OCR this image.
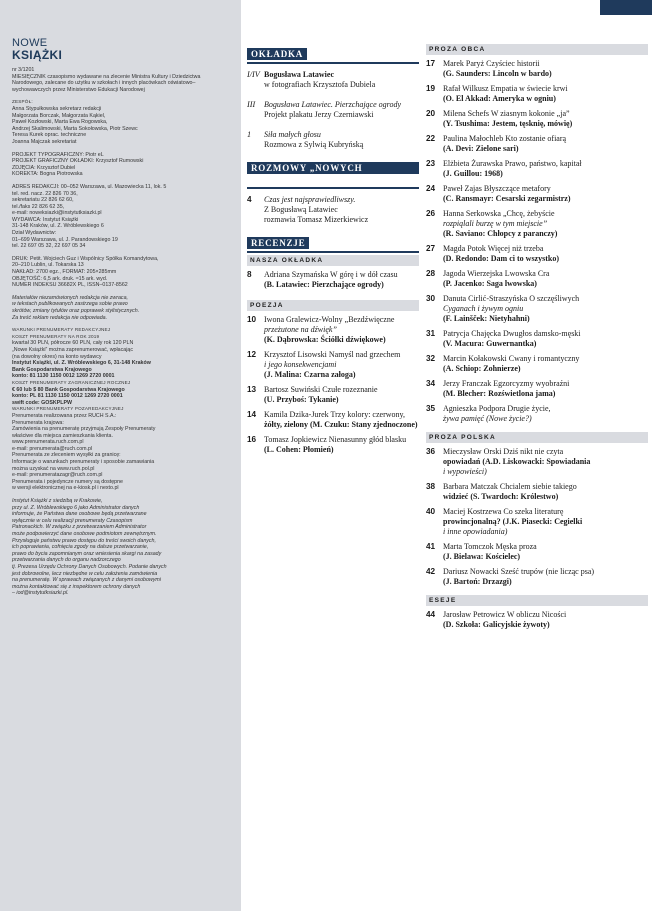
NOWE
KSIĄŻKI
nr 3/1201
MIESIĘCZNIK czasopismo wydawane na zlecenie Ministra Kultury i Dziedzictwa Narodowego, zalecane do użytku w szkołach i innych placówkach oświatowo–wychowawczych przez Ministerstwo Edukacji Narodowej
ZESPÓŁ:
Anna Stypułkowska sekretarz redakcji
Małgorzata Borczak, Małgorzata Kąkiel,
Paweł Kozłowski, Marta Ewa Rogowska,
Andrzej Skalimowski, Marta Sokołowska, Piotr Szewc
Teresa Kurek oprac. techniczne
Joanna Majczak sekretariat
PROJEKT TYPOGRAFICZNY: Piotr eL
PROJEKT GRAFICZNY OKŁADKI: Krzysztof Rumowski
ZDJĘCIA: Krzysztof Dubiel
KOREKTA: Bogna Piotrowska
ADRES REDAKCJI: 00–052 Warszawa, ul. Mazowiecka 11, lok. 5
tel. red. nacz. 22 826 70 36,
sekretariatu 22 826 62 60,
tel./faks 22 826 62 35,
e-mail: noweksiazki@instytutksiazki.pl
WYDAWCA: Instytut Książki
31-148 Kraków, ul. Z. Wróblewskiego 6
Dział Wydawnictw:
01–699 Warszawa, ul. J. Parandowskiego 19
tel. 22 697 05 32, 22 697 05 34
DRUK: Petit. Wojciech Guz i Wspólnicy Spółka Komandytowa,
20–210 Lublin, ul. Tokarska 13
NAKŁAD: 2700 egz., FORMAT: 205×285mm
OBJĘTOŚĆ: 6,5 ark. druk. ≈15 ark. wyd.
NUMER INDEKSU 36682X PL, ISSN–0137-8562
Materiałów niezamówionych redakcja nie zwraca,
w tekstach publikowanych zastrzega sobie prawo
skrótów, zmiany tytułów oraz poprawek stylistycznych.
Za treść reklam redakcja nie odpowiada.
WARUNKI PRENUMERATY REDAKCYJNEJ
KOSZT PRENUMERATY NA ROK 2019
kwartał 30 PLN, półrocze 60 PLN, cały rok 120 PLN
„Nowe Książki” można zaprenumerować, wpłacając
(na dowolny okres) na konto wydawcy
Instytut Książki, ul. Z. Wróblewskiego 6, 31-148 Kraków
Bank Gospodarstwa Krajowego
konto: 81 1130 1150 0012 1269 2720 0001
KOSZT PRENUMERATY ZAGRANICZNEJ ROCZNEJ
€ 60 lub $ 80 Bank Gospodarstwa Krajowego
konto: PL 81 1130 1150 0012 1269 2720 0001
swift code: GOSKPLPW
WARUNKI PRENUMERATY POZAREDAKCYJNEJ
Prenumerata realizowana przez RUCH S.A.:
Prenumerata krajowa:
Zamówienia na prenumeratę przyjmują Zespoły Prenumeraty
właściwe dla miejsca zamieszkania klienta.
www.prenumerata.ruch.com.pl
e-mail: prenumerata@ruch.com.pl
Prenumerata ze zleceniem wysyłki za granicę:
Informacje o warunkach prenumeraty i sposobie zamawiania
można uzyskać na www.ruch.pol.pl
e-mail: prenumeratazagr@ruch.com.pl
Prenumerata i pojedyncze numery są dostępne
w wersji elektronicznej na e-kiosk.pl i nexto.pl
Instytut Książki z siedzibą w Krakowie,
przy ul. Z. Wróblewskiego 6 jako Administrator danych
informuje, że Państwa dane osobowe będą przetwarzane
wyłącznie w celu realizacji prenumeraty Czasopism
Patronackich. W związku z przetwarzaniem Administrator
może podpowierzyć dane osobowe podmiotom zewnętrznym.
Przysługuje państwu prawo dostępu do treści swoich danych,
ich poprawiania, cofnięcia zgody na dalsze przetwarzanie,
prawo do bycia zapomnianym oraz wniesienia skargi na zasady
przetwarzania danych do organu nadzorczego
tj. Prezesa Urzędu Ochrony Danych Osobowych. Podanie danych
jest dobrowolne, lecz niezbędne w celu założenia zamówienia
na prenumeratę. W sprawach związanych z danymi osobowymi
można kontaktować się z inspektorem ochrony danych
– iod@instytutksiazki.pl.
OKŁADKA
I/IV Bogusława Latawiec
w fotografiach Krzysztofa Dubiela
III	Bogusława Latawiec. Pierzchające ogrody
Projekt plakatu Jerzy Czerniawski
1	Siła małych głosu
Rozmowa z Sylwią Kubryńską
ROZMOWY „NOWYCH KSIĄŻEK”
4	Czas jest najsprawiedliwszy.
Z Bogusławą Latawiec
rozmawia Tomasz Mizerkiewicz
RECENZJE
NASZA OKŁADKA
8	Adriana Szymańska W górę i w dół czasu
(B. Latawiec: Pierzchające ogrody)
POEZJA
10 Iwona Gralewicz-Wolny „Bezdźwięczne
przeżutone na dźwięk”
(K. Dąbrowska: Ściółki dźwiękowe)
12 Krzysztof Lisowski Namyśl nad grzechem
i jego konsekwencjami
(J. Malina: Czarna załoga)
13 Bartosz Suwiński Czułe rozeznanie
(U. Przyboś: Tykanie)
14 Kamila Dzika-Jurek Trzy kolory: czerwony,
żółty, zielony (M. Czuku: Stany zjednoczone)
16 Tomasz Jopkiewicz Nienasunny głód blasku
(L. Cohen: Płomień)
PROZA OBCA
17 Marek Paryż Czyściec historii
(G. Saunders: Lincoln w bardo)
19 Rafał Wilkusz Empatia w świecie krwi
(O. El Akkad: Ameryka w ogniu)
20 Milena Schefs W ziasnym kokonie „ja”
(Y. Tsushima: Jestem, tęsknię, mówię)
22 Paulina Małochleb Kto zostanie ofiarą
(A. Devi: Zielone sari)
23 Elżbieta Żurawska Prawo, państwo, kapitał
(J. Guillou: 1968)
24 Paweł Zajas Błyszczące metafory
(C. Ransmayr: Cesarski zegarmistrz)
26 Hanna Serkowska „Chcę, żebyście
rozpiąlali burzę w tym miejscie”
(R. Saviano: Chłopcy z paranczy)
27 Magda Potok Więcej niż trzeba
(D. Redondo: Dam ci to wszystko)
28 Jagoda Wierzejska Lwowska Cra
(P. Jacenko: Saga lwowska)
30 Danuta Cirlić-Straszyńska O szczęśliwych
Cyganach i żywym ogniu
(F. Lainšček: Nietyhahni)
31 Patrycja Chajęcka Dwugłos damsko-męski
(V. Macura: Guwernantka)
32 Marcin Kołakowski Cwany i romantyczny
(A. Schiop: Zohnierze)
34 Jerzy Franczak Egzorcyzmy wyobraźni
(M. Blecher: Rozświetlona jama)
35 Agnieszka Podpora Drugie życie,
żywa pamięć (Nowe życie?)
PROZA POLSKA
36 Mieczysław Orski Dziś nikt nie czyta
opowiadań (A.D. Liskowacki: Spowiadania
i wypowieści)
38 Barbara Matczak Chcialem siebie takiego
widzieć (S. Twardoch: Królestwo)
40 Maciej Kostrzewa Co szeka literaturę
prowincjonalną? (J.K. Piasecki: Cegielki
i inne opowiadania)
41 Marta Tomczok Męska proza
(J. Bielawa: Kościelec)
42 Dariusz Nowacki Sześć trupów (nie licząc psa)
(J. Bartoń: Drzazgi)
ESEJE
44 Jarosław Petrowicz W obliczu Nicości
(D. Szkoła: Galicyjskie żywoty)
